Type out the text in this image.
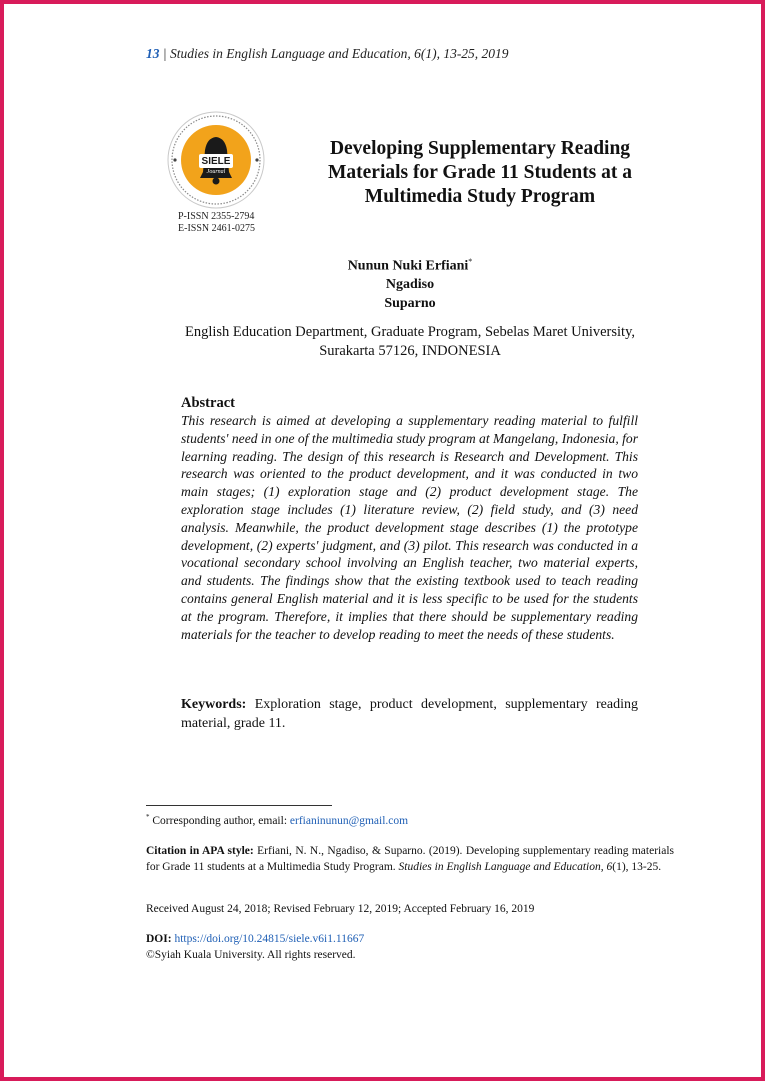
13 | Studies in English Language and Education, 6(1), 13-25, 2019
SIELE
Journal
P-ISSN 2355-2794
E-ISSN 2461-0275
Developing Supplementary Reading
Materials for Grade 11 Students at a
Multimedia Study Program
Nunun Nuki Erfiani*
Ngadiso
Suparno
English Education Department, Graduate Program, Sebelas Maret University,
Surakarta 57126, INDONESIA
Abstract

This research is aimed at developing a supplementary reading material to fulfill students' need in one of the multimedia study program at Mangelang, Indonesia, for learning reading. The design of this research is Research and Development. This research was oriented to the product development, and it was conducted in two main stages; (1) exploration stage and (2) product development stage. The exploration stage includes (1) literature review, (2) field study, and (3) need analysis. Meanwhile, the product development stage describes (1) the prototype development, (2) experts' judgment, and (3) pilot. This research was conducted in a vocational secondary school involving an English teacher, two material experts, and students. The findings show that the existing textbook used to teach reading contains general English material and it is less specific to be used for the students at the program. Therefore, it implies that there should be supplementary reading materials for the teacher to develop reading to meet the needs of these students.

Keywords: Exploration stage, product development, supplementary reading material, grade 11.

* Corresponding author, email: erfianinunun@gmail.com

Citation in APA style: Erfiani, N. N., Ngadiso, & Suparno. (2019). Developing supplementary reading materials for Grade 11 students at a Multimedia Study Program. Studies in English Language and Education, 6(1), 13-25.

Received August 24, 2018; Revised February 12, 2019; Accepted February 16, 2019
DOI: https://doi.org/10.24815/siele.v6i1.11667
©Syiah Kuala University. All rights reserved.
